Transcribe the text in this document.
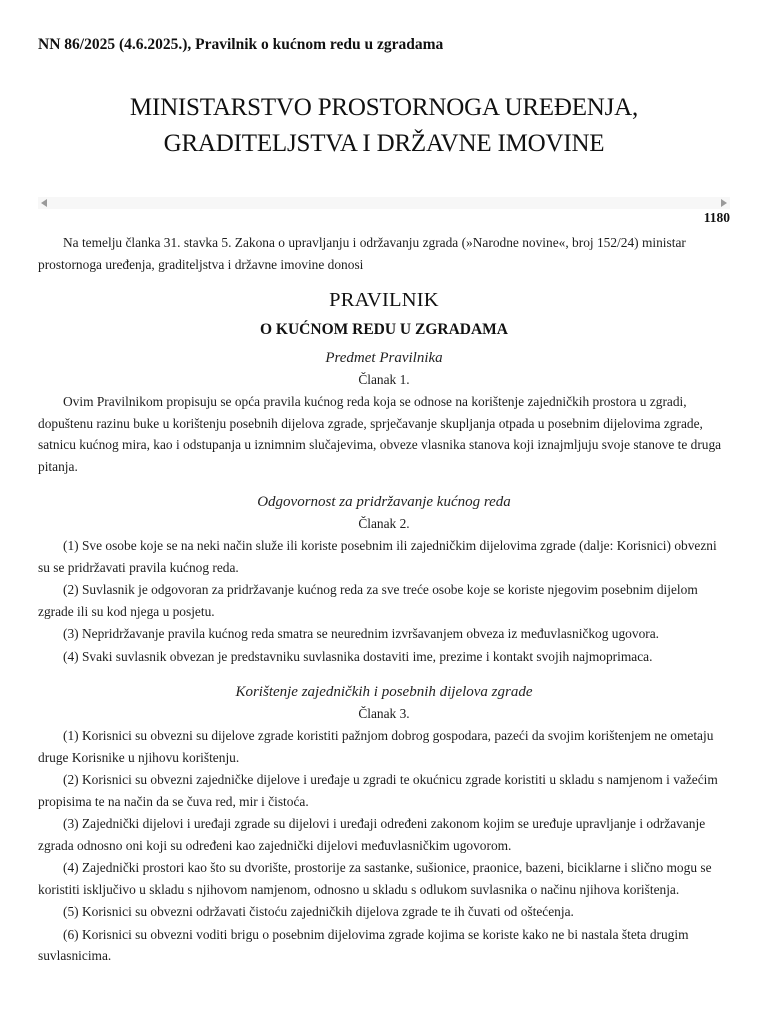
NN 86/2025 (4.6.2025.), Pravilnik o kućnom redu u zgradama
MINISTARSTVO PROSTORNOGA UREĐENJA,
GRADITELJSTVA I DRŽAVNE IMOVINE
1180

Na temelju članka 31. stavka 5. Zakona o upravljanju i održavanju zgrada (»Narodne novine«, broj 152/24) ministar prostornoga uređenja, graditeljstva i državne imovine donosi

PRAVILNIK
O KUĆNOM REDU U ZGRADAMA
Predmet Pravilnika
Članak 1.

Ovim Pravilnikom propisuju se opća pravila kućnog reda koja se odnose na korištenje zajedničkih prostora u zgradi, dopuštenu razinu buke u korištenju posebnih dijelova zgrade, sprječavanje skupljanja otpada u posebnim dijelovima zgrade, satnicu kućnog mira, kao i odstupanja u iznimnim slučajevima, obveze vlasnika stanova koji iznajmljuju svoje stanove te druga pitanja.

Odgovornost za pridržavanje kućnog reda
Članak 2.

(1) Sve osobe koje se na neki način služe ili koriste posebnim ili zajedničkim dijelovima zgrade (dalje: Korisnici) obvezni su se pridržavati pravila kućnog reda.

(2) Suvlasnik je odgovoran za pridržavanje kućnog reda za sve treće osobe koje se koriste njegovim posebnim dijelom zgrade ili su kod njega u posjetu.

(3) Nepridržavanje pravila kućnog reda smatra se neurednim izvršavanjem obveza iz međuvlasničkog ugovora.

(4) Svaki suvlasnik obvezan je predstavniku suvlasnika dostaviti ime, prezime i kontakt svojih najmoprimaca.

Korištenje zajedničkih i posebnih dijelova zgrade
Članak 3.

(1) Korisnici su obvezni su dijelove zgrade koristiti pažnjom dobrog gospodara, pazeći da svojim korištenjem ne ometaju druge Korisnike u njihovu korištenju.

(2) Korisnici su obvezni zajedničke dijelove i uređaje u zgradi te okućnicu zgrade koristiti u skladu s namjenom i važećim propisima te na način da se čuva red, mir i čistoća.

(3) Zajednički dijelovi i uređaji zgrade su dijelovi i uređaji određeni zakonom kojim se uređuje upravljanje i održavanje zgrada odnosno oni koji su određeni kao zajednički dijelovi međuvlasničkim ugovorom.

(4) Zajednički prostori kao što su dvorište, prostorije za sastanke, sušionice, praonice, bazeni, biciklarne i slično mogu se koristiti isključivo u skladu s njihovom namjenom, odnosno u skladu s odlukom suvlasnika o načinu njihova korištenja.

(5) Korisnici su obvezni održavati čistoću zajedničkih dijelova zgrade te ih čuvati od oštećenja.

(6) Korisnici su obvezni voditi brigu o posebnim dijelovima zgrade kojima se koriste kako ne bi nastala šteta drugim suvlasnicima.
